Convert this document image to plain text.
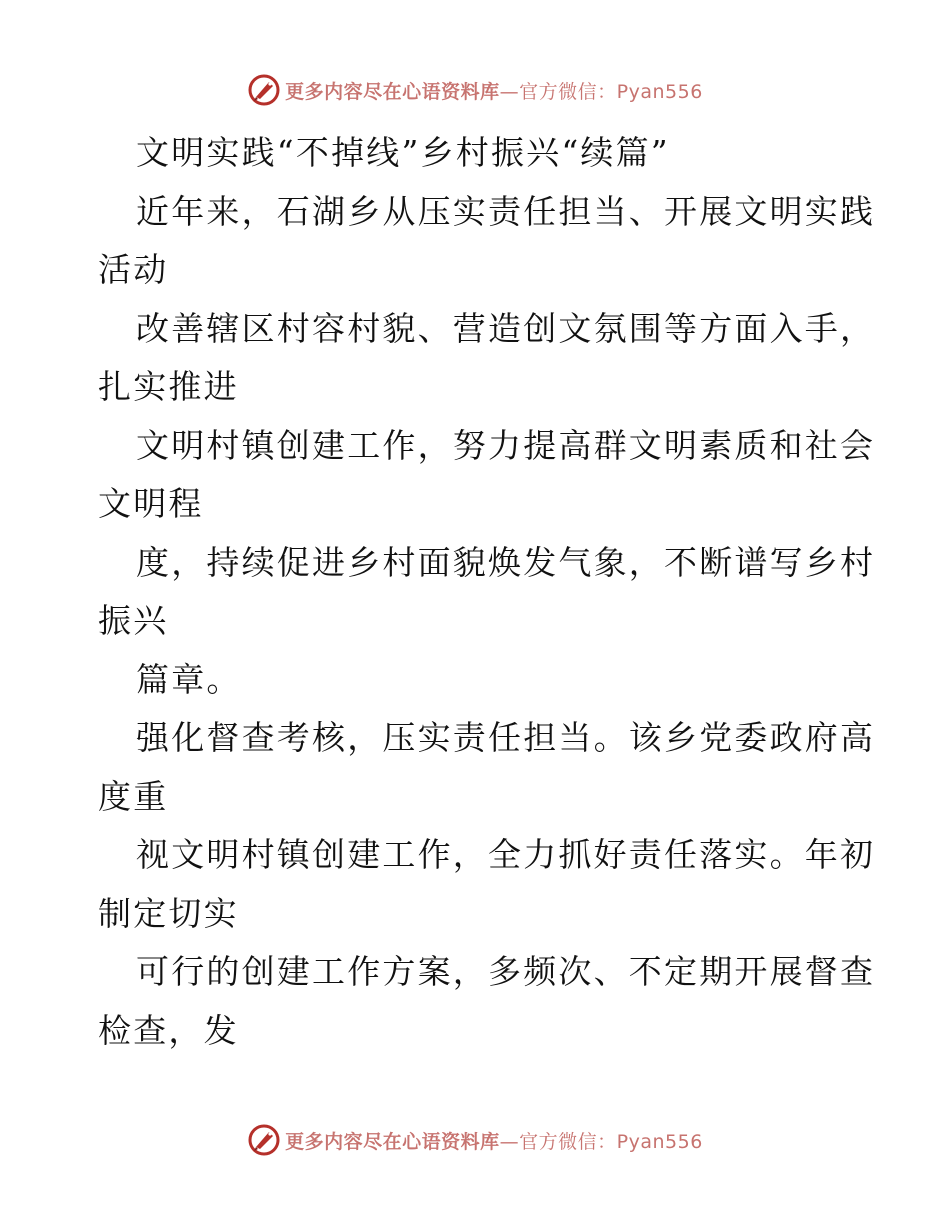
更多内容尽在心语资料库—官方微信：Pyan556
文明实践“不掉线”乡村振兴“续篇”
近年来，石湖乡从压实责任担当、开展文明实践
活动
改善辖区村容村貌、营造创文氛围等方面入手，
扎实推进
文明村镇创建工作，努力提高群文明素质和社会
文明程
度，持续促进乡村面貌焕发气象，不断谱写乡村
振兴
篇章。
强化督查考核，压实责任担当。该乡党委政府高
度重
视文明村镇创建工作，全力抓好责任落实。年初
制定切实
可行的创建工作方案，多频次、不定期开展督查
检查，发
更多内容尽在心语资料库—官方微信：Pyan556
